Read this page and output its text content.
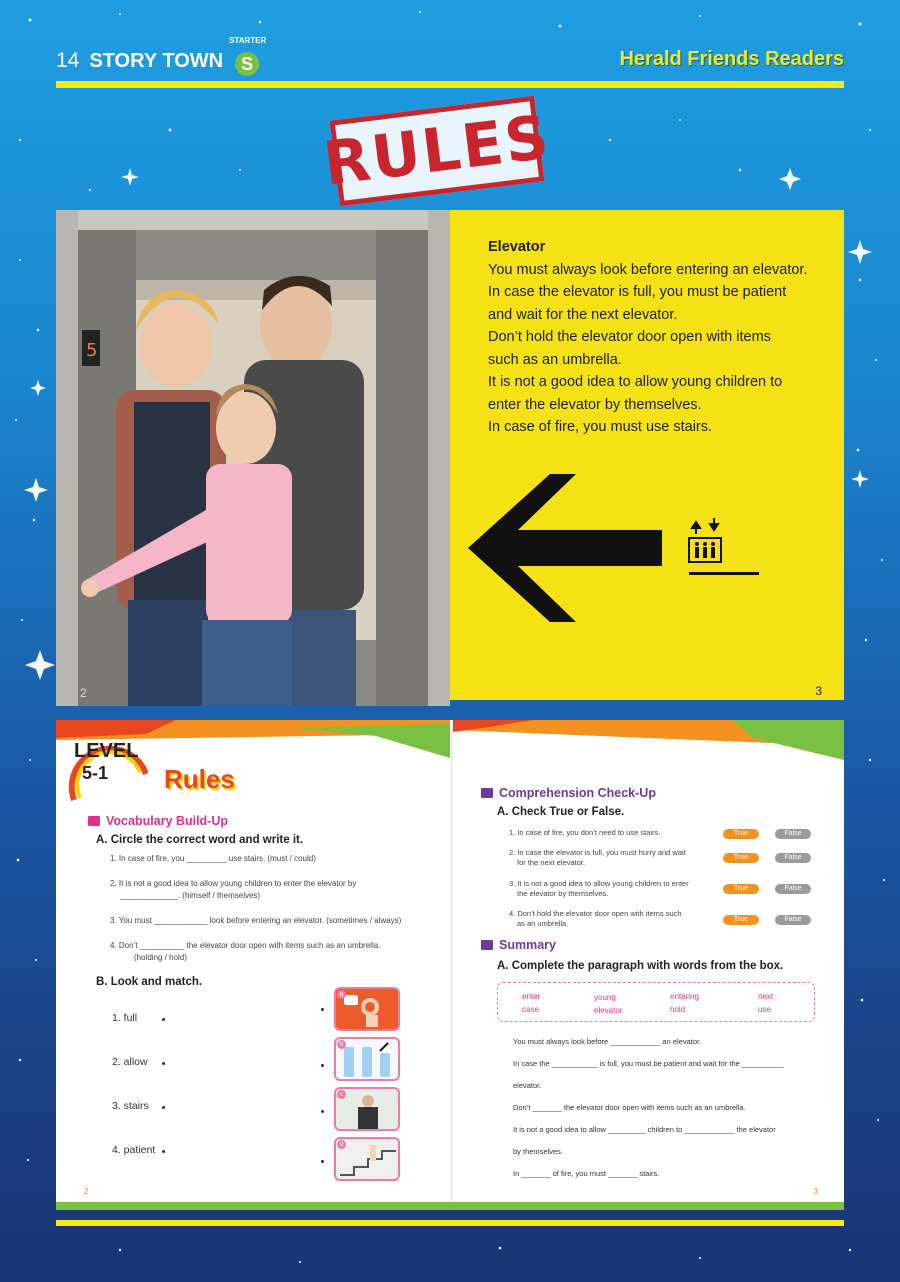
14 STORY TOWN
STARTER
S	Herald Friends Readers
RULES
5
2
Elevator
You must always look before entering an elevator.
In case the elevator is full, you must be patient
and wait for the next elevator.
Don’t hold the elevator door open with items
such as an umbrella.
It is not a good idea to allow young children to
enter the elevator by themselves.
In case of fire, you must use stairs.
3
LEVEL
5-1	Rules
Vocabulary Build-Up
A. Circle the correct word and write it.
1. In case of fire, you _________ use stairs. (must / could)
2. It is not a good idea to allow young children to enter the elevator by
_____________. (himself / themselves)
3. You must ____________ look before entering an elevator. (sometimes / always)
4. Don’t __________ the elevator door open with items such as an umbrella.
(holding / hold)
B. Look and match.
1. full
2. allow
3. stairs
4. patient
a
b
c
d
2
Comprehension Check-Up
A. Check True or False.
1. In case of fire, you don’t need to use stairs.	True	False
2. In case the elevator is full, you must hurry and wait
for the next elevator.
True	False
3. It is not a good idea to allow young children to enter
the elevator by themselves.
True	False
4. Don’t hold the elevator door open with items such
as an umbrella.	True	False
Summary
A. Complete the paragraph with words from the box.
enter	young	entering	next
case	elevator	hold	use
You must always look before ____________ an elevator.
In case the ___________ is full, you must be patient and wait for the __________
elevator.
Don’t _______ the elevator door open with items such as an umbrella.
It is not a good idea to allow _________ children to ____________ the elevator
by themselves.
In _______ of fire, you must _______ stairs.
3
